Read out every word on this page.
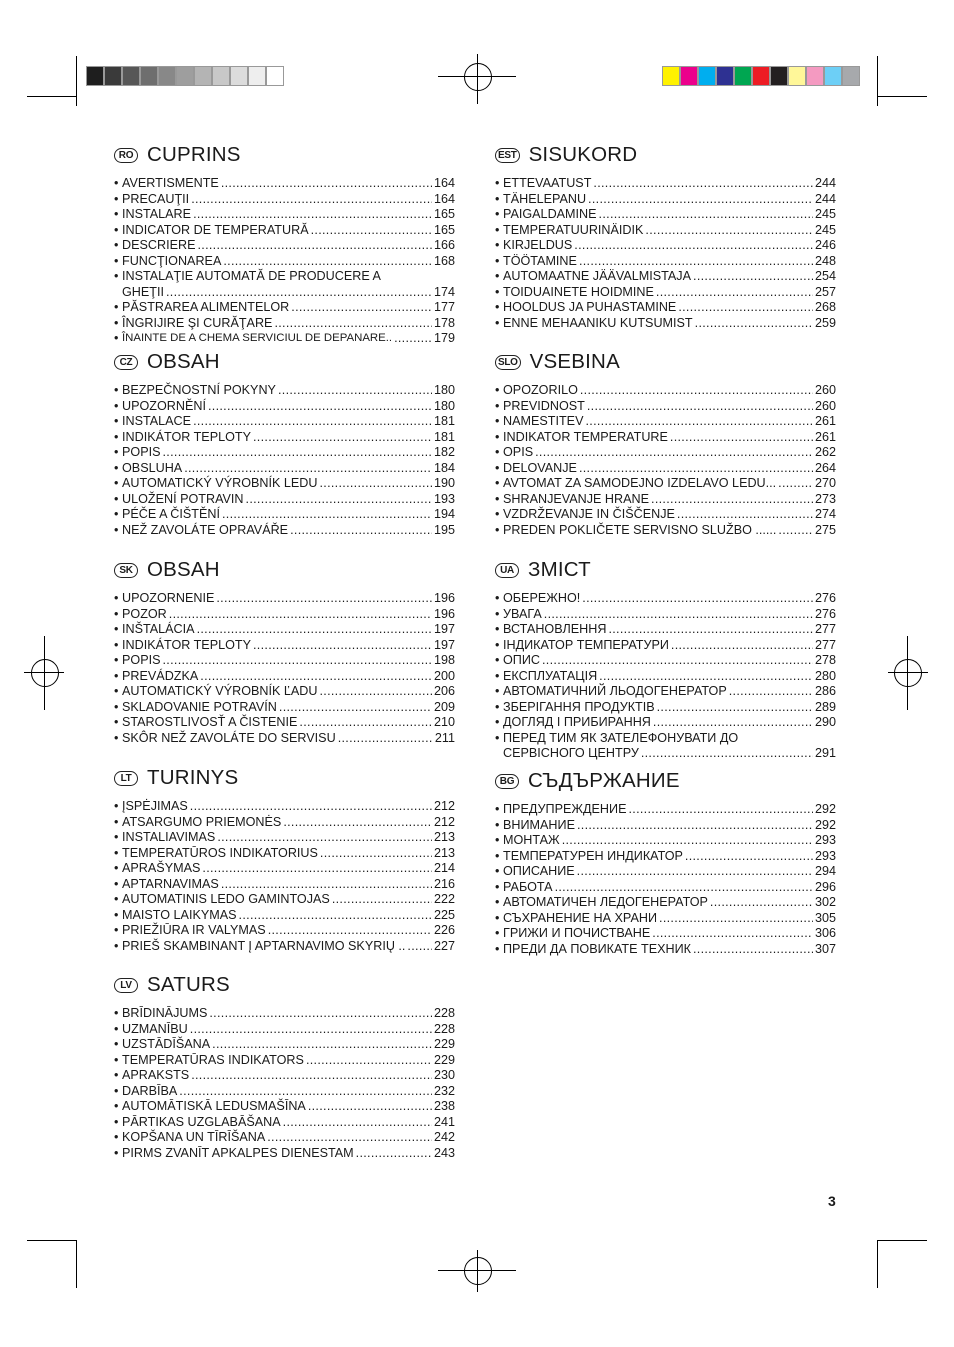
RO CUPRINS
• AVERTISMENTE .....	164
• PRECAUŢII .....	164
• INSTALARE .....	165
• INDICATOR DE TEMPERATURĂ .....	165
• DESCRIERE .....	166
• FUNCŢIONAREA .....	168
• INSTALAŢIE AUTOMATĂ DE PRODUCERE A
GHEŢII .....	174
• PĂSTRAREA ALIMENTELOR .....	177
• ÎNGRIJIRE ŞI CURĂŢARE .....	178
• ÎNAINTE DE A CHEMA SERVICIUL DE DEPANARE.. .....	179
CZ OBSAH
• BEZPEČNOSTNÍ POKYNY .....	180
• UPOZORNĚNÍ .....	180
• INSTALACE .....	181
• INDIKÁTOR TEPLOTY .....	181
• POPIS .....	182
• OBSLUHA .....	184
• AUTOMATICKÝ VÝROBNÍK LEDU .....	190
• ULOŽENÍ POTRAVIN .....	193
• PÉČE A ČIŠTĚNÍ .....	194
• NEŽ ZAVOLÁTE OPRAVÁŘE .....	195
SK OBSAH
• UPOZORNENIE .....	196
• POZOR .....	196
• INŠTALÁCIA .....	197
• INDIKÁTOR TEPLOTY .....	197
• POPIS .....	198
• PREVÁDZKA .....	200
• AUTOMATICKÝ VÝROBNÍK ĽADU .....	206
• SKLADOVANIE POTRAVÍN .....	209
• STAROSTLIVOSŤ A ČISTENIE .....	210
• SKÔR NEŽ ZAVOLÁTE DO SERVISU .....	211
LT TURINYS
• ĮSPĖJIMAS .....	212
• ATSARGUMO PRIEMONĖS .....	212
• INSTALIAVIMAS .....	213
• TEMPERATŪROS INDIKATORIUS .....	213
• APRAŠYMAS .....	214
• APTARNAVIMAS .....	216
• AUTOMATINIS LEDO GAMINTOJAS .....	222
• MAISTO LAIKYMAS .....	225
• PRIEŽIŪRA IR VALYMAS .....	226
• PRIEŠ SKAMBINANT Į APTARNAVIMO SKYRIŲ .. ..... 227
LV SATURS
• BRĪDINĀJUMS .....	228
• UZMANĪBU .....	228
• UZSTĀDĪŠANA .....	229
• TEMPERATŪRAS INDIKATORS .....	229
• APRAKSTS .....	230
• DARBĪBA .....	232
• AUTOMĀTISKĀ LEDUSMAŠĪNA .....	238
• PĀRTIKAS UZGLABĀŠANA .....	241
• KOPŠANA UN TĪRĪŠANA .....	242
• PIRMS ZVANĪT APKALPES DIENESTAM .....	243
EST SISUKORD
• ETTEVAATUST .....	244
• TÄHELEPANU .....	244
• PAIGALDAMINE .....	245
• TEMPERATUURINÄIDIK .....	245
• KIRJELDUS .....	246
• TÖÖTAMINE .....	248
• AUTOMAATNE JÄÄVALMISTAJA .....	254
• TOIDUAINETE HOIDMINE .....	257
• HOOLDUS JA PUHASTAMINE .....	268
• ENNE MEHAANIKU KUTSUMIST .....	259
SLO VSEBINA
• OPOZORILO .....	260
• PREVIDNOST .....	260
• NAMESTITEV .....	261
• INDIKATOR TEMPERATURE .....	261
• OPIS .....	262
• DELOVANJE .....	264
• AVTOMAT ZA SAMODEJNO IZDELAVO LEDU... .....	270
• SHRANJEVANJE HRANE .....	273
• VZDRŽEVANJE IN ČIŠČENJE .....	274
• PREDEN POKLIČETE SERVISNO SLUŽBO ...... .....	275
UA ЗМІСТ
• ОБЕРЕЖНО! .....	276
• УВАГА .....	276
• ВСТАНОВЛЕННЯ .....	277
• ІНДИКАТОР ТЕМПЕРАТУРИ .....	277
• ОПИС .....	278
• ЕКСПЛУАТАЦІЯ .....	280
• АВТОМАТИЧНИЙ ЛЬОДОГЕНЕРАТОР .....	286
• ЗБЕРІГАННЯ ПРОДУКТІВ .....	289
• ДОГЛЯД І ПРИБИРАННЯ .....	290
• ПЕРЕД ТИМ ЯК ЗАТЕЛЕФОНУВАТИ ДО
СЕРВІСНОГО ЦЕНТРУ .....	291
BG СЪДЪРЖАНИЕ
• ПРЕДУПРЕЖДЕНИЕ .....	292
• ВНИМАНИЕ .....	292
• МОНТАЖ .....	293
• ТЕМПЕРАТУРЕН ИНДИКАТОР .....	293
• ОПИСАНИЕ .....	294
• РАБОТА .....	296
• АВТОМАТИЧЕН ЛЕДОГЕНЕРАТОР .....	302
• СЪХРАНЕНИЕ НА ХРАНИ .....	305
• ГРИЖИ И ПОЧИСТВАНЕ .....	306
• ПРЕДИ ДА ПОВИКАТЕ ТЕХНИК .....	307
3
